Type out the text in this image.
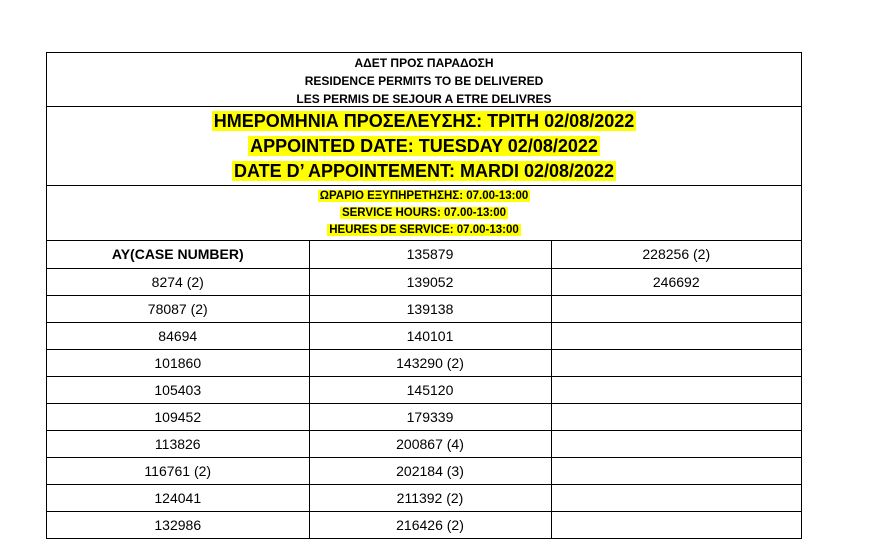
ΑΔΕΤ ΠΡΟΣ ΠΑΡΑΔΟΣΗ
RESIDENCE PERMITS TO BE DELIVERED
LES PERMIS DE SEJOUR A ETRE DELIVRES
ΗΜΕΡΟΜΗΝΙΑ ΠΡΟΣΕΛΕΥΣΗΣ: ΤΡΙΤΗ 02/08/2022
APPOINTED DATE: TUESDAY 02/08/2022
DATE D’ APPOINTEMENT: MARDI 02/08/2022
ΩΡΑΡΙΟ ΕΞΥΠΗΡΕΤΗΣΗΣ: 07.00-13:00
SERVICE HOURS: 07.00-13:00
HEURES DE SERVICE: 07.00-13:00
AY(CASE NUMBER)	135879	228256 (2)
8274 (2)	139052	246692
78087 (2)	139138	
84694	140101	
101860	143290 (2)	
105403	145120	
109452	179339	
113826	200867 (4)	
116761 (2)	202184 (3)	
124041	211392 (2)	
132986	216426 (2)	
